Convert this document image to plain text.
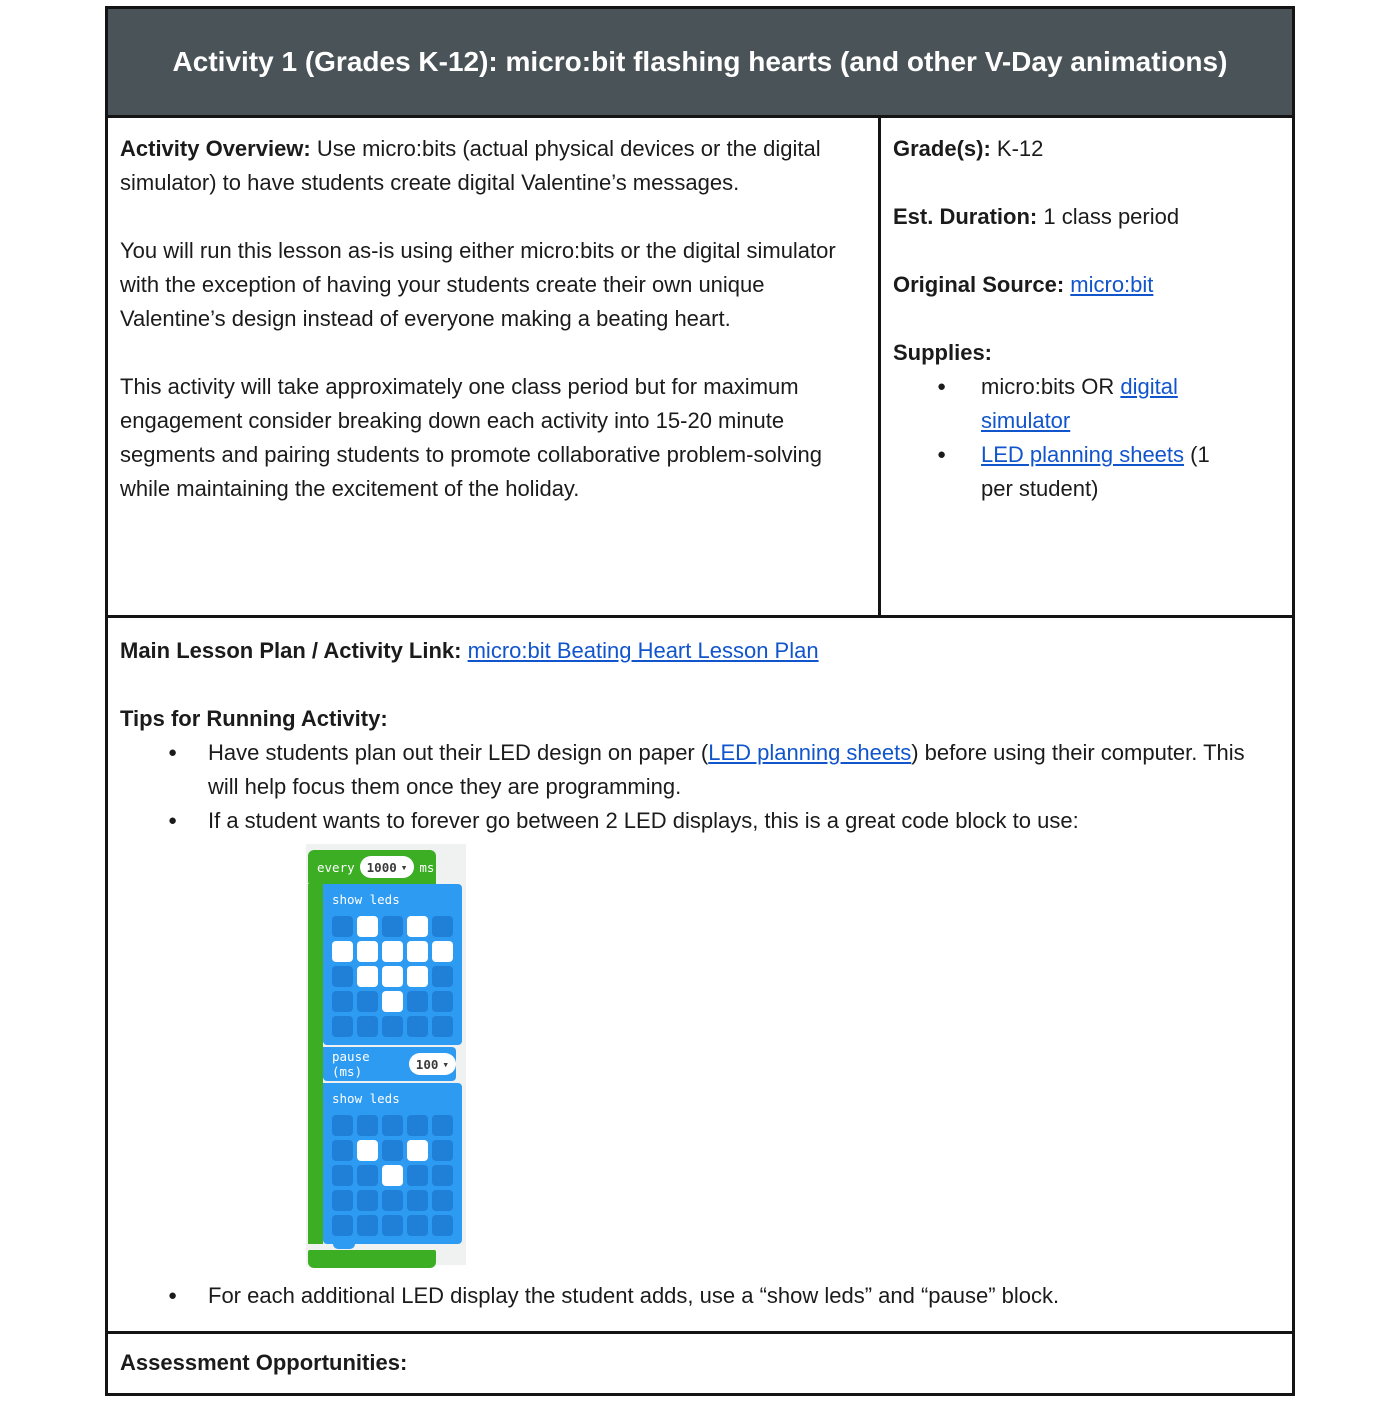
Activity 1 (Grades K-12): micro:bit flashing hearts (and other V-Day animations)

Activity Overview: Use micro:bits (actual physical devices or the digital simulator) to have students create digital Valentine’s messages.

You will run this lesson as-is using either micro:bits or the digital simulator with the exception of having your students create their own unique Valentine’s design instead of everyone making a beating heart.

This activity will take approximately one class period but for maximum engagement consider breaking down each activity into 15-20 minute segments and pairing students to promote collaborative problem-solving while maintaining the excitement of the holiday.

Grade(s): K-12

Est. Duration: 1 class period

Original Source: micro:bit

Supplies:

●	micro:bits OR digital simulator
●	LED planning sheets (1 per student)

Main Lesson Plan / Activity Link: micro:bit Beating Heart Lesson Plan

Tips for Running Activity:

●	Have students plan out their LED design on paper (LED planning sheets) before using their computer. This will help focus them once they are programming.
●	If a student wants to forever go between 2 LED displays, this is a great code block to use:
every 1000 ▾ ms
show leds
pause (ms)	100 ▾
show leds
●	For each additional LED display the student adds, use a “show leds” and “pause” block.

Assessment Opportunities:
